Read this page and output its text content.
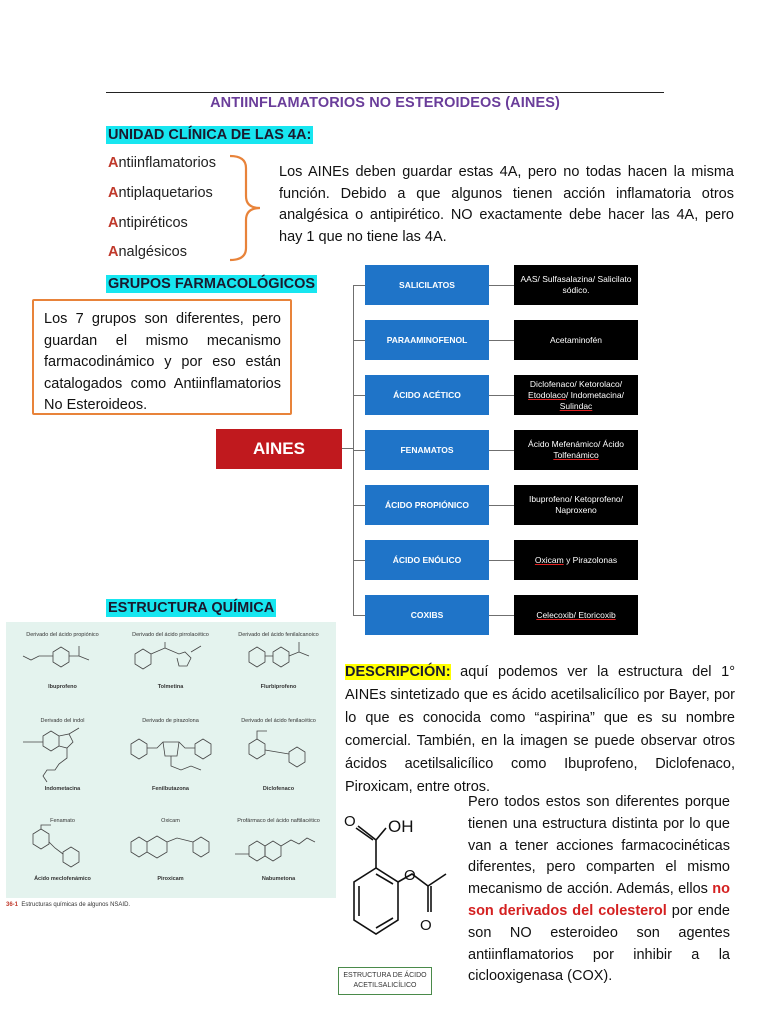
ANTIINFLAMATORIOS NO ESTEROIDEOS (AINES)
UNIDAD CLÍNICA DE LAS 4A:
Antiinflamatorios
Antiplaquetarios
Antipiréticos
Analgésicos
Los AINEs deben guardar estas 4A, pero no todas hacen la misma función. Debido a que algunos tienen acción inflamatoria otros analgésica o antipirético. NO exactamente debe hacer las 4A, pero hay 1 que no tiene las 4A.
GRUPOS FARMACOLÓGICOS
Los 7 grupos son diferentes, pero guardan el mismo mecanismo farmacodinámico y por eso están catalogados como Antiinflamatorios No Esteroideos.
AINES
SALICILATOS
PARAAMINOFENOL
ÁCIDO ACÉTICO
FENAMATOS
ÁCIDO PROPIÓNICO
ÁCIDO ENÓLICO
COXIBS
AAS/ Sulfasalazina/ Salicilato sódico.
Acetaminofén
Diclofenaco/ Ketorolaco/ Etodolaco/ Indometacina/ Sulindac
Ácido Mefenámico/ Ácido Tolfenámico
Ibuprofeno/ Ketoprofeno/ Naproxeno
Oxicam y Pirazolonas
Celecoxib/ Etoricoxib
ESTRUCTURA QUÍMICA
Derivado del ácido propiónico
Ibuprofeno
Derivado del ácido pirrolacético
Tolmetina
Derivado del ácido fenilalcanoico
Flurbiprofeno
Derivado del indol
Indometacina
Derivado de pirazolona
Fenilbutazona
Derivado del ácido fenilacético
Diclofenaco
Fenamato
Ácido meclofenámico
Oxicam
Piroxicam
Profármaco del ácido naftilacético
Nabumetona
36-1 Estructuras químicas de algunos NSAID.
DESCRIPCIÓN: aquí podemos ver la estructura del 1° AINEs sintetizado que es ácido acetilsalicílico por Bayer, por lo que es conocida como “aspirina” que es su nombre comercial. También, en la imagen se puede observar otros ácidos acetilsalicílico como Ibuprofeno, Diclofenaco, Piroxicam, entre otros.
OH
O
O
O
ESTRUCTURA DE ÁCIDO ACETILSALICÍLICO
Pero todos estos son diferentes porque tienen una estructura distinta por lo que van a tener acciones farmacocinéticas diferentes, pero comparten el mismo mecanismo de acción. Además, ellos no son derivados del colesterol por ende son NO esteroideo son agentes antiinflamatorios por inhibir a la ciclooxigenasa (COX).
